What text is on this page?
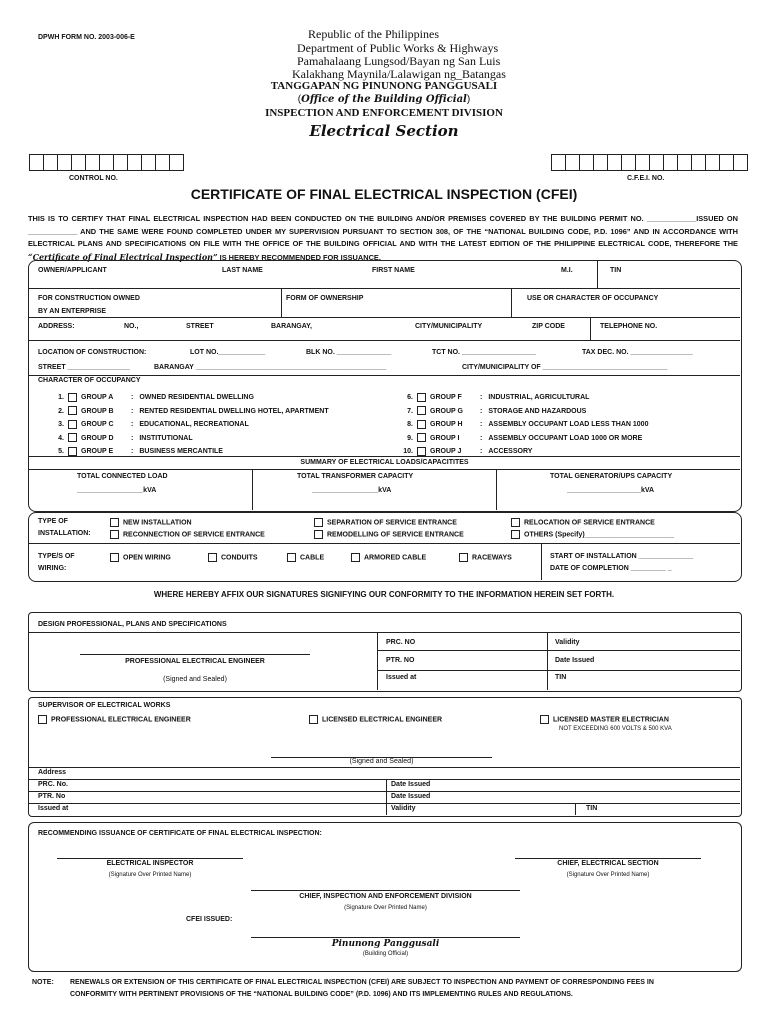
DPWH FORM NO. 2003-006-E	Republic of the Philippines
Department of Public Works & Highways
Pamahalaang Lungsod/Bayan ng San Luis
Kalakhang Maynila/Lalawigan ng_Batangas
TANGGAPAN NG PINUNONG PANGGUSALI
(Office of the Building Official)
INSPECTION AND ENFORCEMENT DIVISION
Electrical Section
CONTROL NO.	C.F.E.I. NO.
CERTIFICATE OF FINAL ELECTRICAL INSPECTION (CFEI)
THIS IS TO CERTIFY THAT FINAL ELECTRICAL INSPECTION HAD BEEN CONDUCTED ON THE BUILDING AND/OR PREMISES COVERED BY THE BUILDING PERMIT NO. ____________ISSUED ON ____________ AND THE SAME WERE FOUND COMPLETED UNDER MY SUPERVISION PURSUANT TO SECTION 308, OF THE “NATIONAL BUILDING CODE, P.D. 1096” AND IN ACCORDANCE WITH ELECTRICAL PLANS AND SPECIFICATIONS ON FILE WITH THE OFFICE OF THE BUILDING OFFICIAL AND WITH THE LATEST EDITION OF THE PHILIPPINE ELECTRICAL CODE, THEREFORE THE “Certificate of Final Electrical Inspection” IS HEREBY RECOMMENDED FOR ISSUANCE.
OWNER/APPLICANT	LAST NAME	FIRST NAME	M.I.	TIN
FOR CONSTRUCTION OWNED
BY AN ENTERPRISE
FORM OF OWNERSHIP	USE OR CHARACTER OF OCCUPANCY
ADDRESS:	NO.,	STREET	BARANGAY,	CITY/MUNICIPALITY	ZIP CODE	TELEPHONE NO.
LOCATION OF CONSTRUCTION:	LOT NO.____________	BLK NO. ______________	TCT NO. ___________________	TAX DEC. NO. ________________
STREET ________________	BARANGAY _________________________________________________	CITY/MUNICIPALITY OF ________________________________
CHARACTER OF OCCUPANCY
1. GROUP A	: OWNED RESIDENTIAL DWELLING
2. GROUP B : RENTED RESIDENTIAL DWELLING HOTEL, APARTMENT
3. GROUP C : EDUCATIONAL, RECREATIONAL
4. GROUP D : INSTITUTIONAL
5. GROUP E	: BUSINESS MERCANTILE
6. GROUP F	: INDUSTRIAL, AGRICULTURAL
7. GROUP G : STORAGE AND HAZARDOUS
8. GROUP H : ASSEMBLY OCCUPANT LOAD LESS THAN 1000
9. GROUP I	: ASSEMBLY OCCUPANT LOAD 1000 OR MORE
10. GROUP J	: ACCESSORY
SUMMARY OF ELECTRICAL LOADS/CAPACITITES
TOTAL CONNECTED LOAD	TOTAL TRANSFORMER CAPACITY	TOTAL GENERATOR/UPS CAPACITY
_________________kVA	_________________kVA	___________________kVA
TYPE OF
INSTALLATION:
NEW INSTALLATION	SEPARATION OF SERVICE ENTRANCE	RELOCATION OF SERVICE ENTRANCE
RECONNECTION OF SERVICE ENTRANCE	REMODELLING OF SERVICE ENTRANCE	OTHERS (Specify)_______________________
TYPE/S OF
WIRING:
OPEN WIRING	CONDUITS	CABLE	ARMORED CABLE	RACEWAYS	START OF INSTALLATION ______________
DATE OF COMPLETION _________ _
WHERE HEREBY AFFIX OUR SIGNATURES SIGNIFYING OUR CONFORMITY TO THE INFORMATION HEREIN SET FORTH.
DESIGN PROFESSIONAL, PLANS AND SPECIFICATIONS
PRC. NO	Validity
PTR. NO	Date Issued
Issued at	TIN
PROFESSIONAL ELECTRICAL ENGINEER
(Signed and Sealed)
SUPERVISOR OF ELECTRICAL WORKS
PROFESSIONAL ELECTRICAL ENGINEER	LICENSED ELECTRICAL ENGINEER	LICENSED MASTER ELECTRICIAN
NOT EXCEEDING 600 VOLTS & 500 KVA
(Signed and Sealed)
Address
PRC. No.	Date Issued
PTR. No	Date Issued
Issued at	Validity	TIN
RECOMMENDING ISSUANCE OF CERTIFICATE OF FINAL ELECTRICAL INSPECTION:
ELECTRICAL INSPECTOR
(Signature Over Printed Name)
CHIEF, ELECTRICAL SECTION
(Signature Over Printed Name)
CHIEF, INSPECTION AND ENFORCEMENT DIVISION
(Signature Over Printed Name)
CFEI ISSUED:
Pinunong Panggusali
(Building Official)
NOTE: RENEWALS OR EXTENSION OF THIS CERTIFICATE OF FINAL ELECTRICAL INSPECTION (CFEI) ARE SUBJECT TO INSPECTION AND PAYMENT OF CORRESPONDING FEES IN
CONFORMITY WITH PERTINENT PROVISIONS OF THE “NATIONAL BUILDING CODE” (P.D. 1096) AND ITS IMPLEMENTING RULES AND REGULATIONS.
